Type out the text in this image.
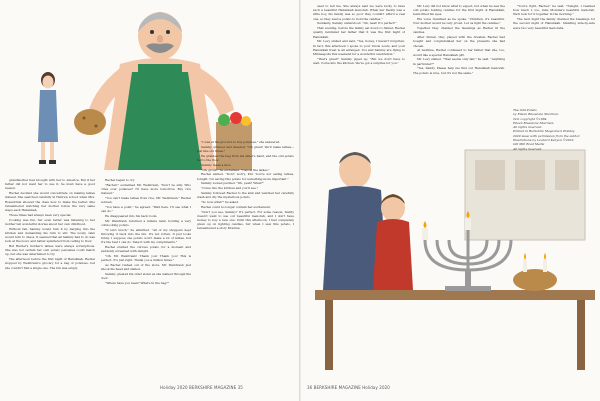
grandmother had brought with her to America. But if her father did not want her to use it, he must have a good reason.

Rachel decided she would concentrate on making latkes instead. She searched carefully in Hebrew school when Mrs. Rosenblum showed the class how to make the batter. She remembered watching her mother follow the very same steps each Hanukkah.

Those times had always been very special.

Cooking was fun, but even better was listening to her mother tell wonderful stories about her own childhood.

Without fail, Sammy would ruin it by barging into the kitchen and demanding his turn to stir. The lovely calm would turn to chaos. It seemed that all Sammy had to do was look at the bowl, and batter splattered from ceiling to floor.

But Rachel's mother's latkes were always scrumptious. She was not certain her own potato pancakes could match up, but she was determined to try.

The afternoon before the first night of Hanukkah, Rachel stopped by Weintraub's grocery for a bag of potatoes, but she couldn't find a single one. The bin was empty.

Rachel began to cry.

"Rachel!" exclaimed Mr. Weintraub. "Don't be silly. Who cries over potatoes? I'll have more tomorrow. Buy rice instead."

"You can't make latkes from rice, Mr. Weintraub," Rachel sobbed.

"You have a point," he agreed. "Wait here. I'll see what I can do."

He disappeared into his back room.

Mr. Weintraub returned a minute later, holding a very odd-looking potato.

"It isn't much," he admitted. "All of my shoppers kept throwing it back into the bin. It's not rotten. It just looks funny. I suppose one potato won't make a lot of latkes, but it's the best I can do. Take it with my compliments."

Rachel studied the curious potato for a moment and suddenly screamed with delight.

"Oh, Mr. Weintraub! Thank you! Thank you! This is perfect. It's just right. Thank you a million times."

As Rachel rushed out of the store, Mr. Weintraub just shook his head and smiled.

Sammy greeted his older sister as she walked through the door.

"Where have you been? What's in the bag?"

"I was at the grocer's to buy potatoes," she answered.

Sammy grinned and sneered. "Oh great! We'll make latkes—just like old times."

He grabbed the bag from his sister's hand, and the odd potato fell to the floor.

Sammy made a face.

"Oh, gross!" he exclaimed. "Cancel the latkes."

Rachel smiled. "Don't worry, Kid. You're not eating latkes, tonight. I'm saving this potato for something more important."

Sammy looked puzzled. "Oh, yeah? What?"

"Come into the kitchen and you'll see."

Sammy followed Rachel to the sink and watched her carefully wash and dry the mysterious potato.

"So now what?" he asked.

Rachel could no longer contain her excitement.

"Don't you see, Sammy? It's perfect. For some reason, Daddy doesn't want to use our beautiful menorah, and I don't have money to buy a new one. Until this afternoon, I had completely given up on lighting candles, but when I saw this potato, I remembered a story Momma

Holiday 2020 BERKSHIRE MAGAZINE 35

used to tell me. She always said we were lucky to have such a beautiful Hanukkah menorah. When her Daddy was a little boy, his family was so poor they couldn't afford a real one, so they used a potato to hold the candles."

Suddenly, Sammy understood. "Oh, neat! It's perfect!"

That evening, before the family sat down to dinner, Rachel quietly reminded her father that it was the first night of Hanukkah.

Mr. Levy smiled and said, "Yes, honey, I haven't forgotten. In fact, this afternoon I spoke to your Uncle Louis, and your Hanukkah treat is all arranged. You and Sammy are flying to Minneapolis this weekend for a wonderful celebration."

"That's great!" Sammy piped up. "But we don't have to wait. Come into the kitchen. We've got a surprise for you."

Mr. Levy did not know what to expect, but when he saw the odd potato holding candles for the first night of Hanukkah, tears filled his eyes.

His voice trembled as he spoke. "Children, it's beautiful. Your mother would be very proud. Let us light the candles."

Together they chanted the blessings as Rachel lit the candles.

After dinner, they played with the dreidels Rachel had bought and congratulated her on the presents she had chosen.

At bedtime, Rachel confessed to her father that she, too, would like a special Hanukkah gift.

Mr. Levy smiled. "That seems only fair," he said. "Anything in particular?"

"Yes, Daddy. Please help me find our Hanukkah menorah. The potato is nice, but it's not the same."

"You're right, Rachel," he said. "Tonight, I realized how much I, too, miss Momma's beautiful menorah. We'll look for it together in the morning."

The next night the family chanted the blessings for the second night of Hanukkah. Standing side-by-side were two very beautiful menorahs.

The Odd Potato
by Eileen Bluestone Sherman.
Text copyright ©1984
Eileen Bluestone Sherman.
All rights reserved.
Printed in Berkshire Magazine's Holiday
2020 issue with permission from the author.
Illustrations by Leonard Kenyon ©2019
Old Mill Road Media
All rights reserved.
36 BERKSHIRE MAGAZINE Holiday 2020
